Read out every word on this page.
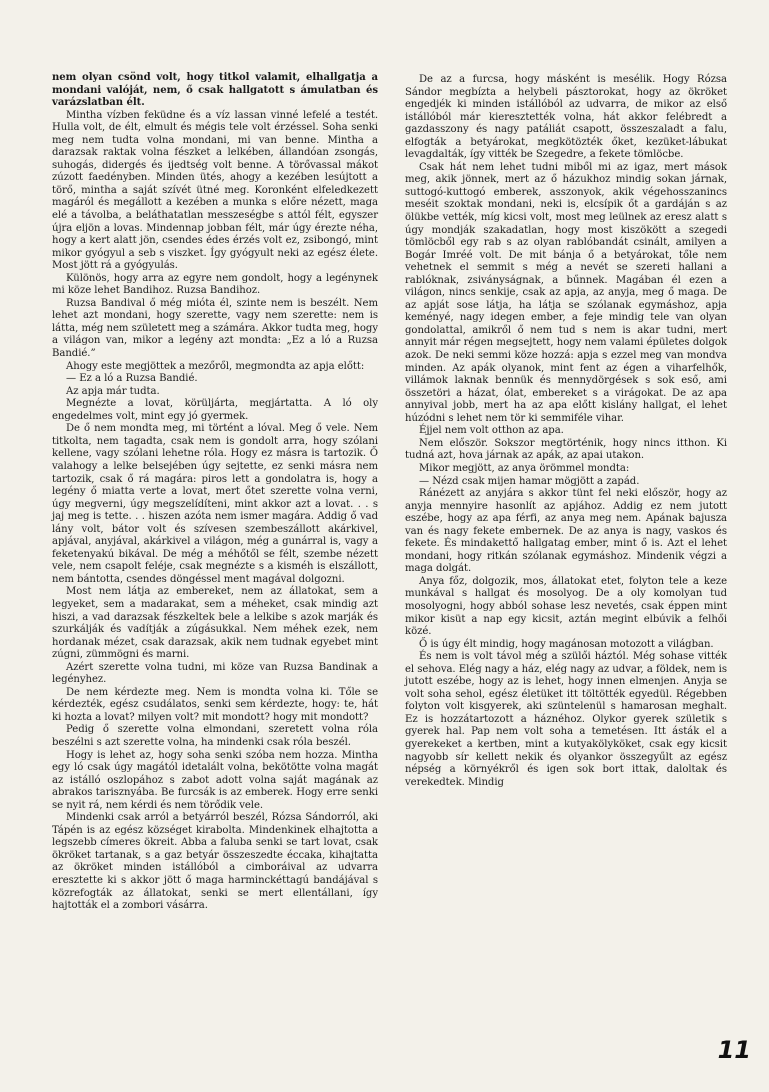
nem olyan csönd volt, hogy titkol valamit, elhallgatja a mondani valóját, nem, ő csak hallgatott s ámulatban és varázslatban élt.

Mintha vízben feküdne és a víz lassan vinné lefelé a testét. Hulla volt, de élt, elmult és mégis tele volt érzéssel. Soha senki meg nem tudta volna mondani, mi van benne. Mintha a darazsak raktak volna fészket a lelkében, állandóan zsongás, suhogás, didergés és ijedtség volt benne. A törővassal mákot zúzott faedényben. Minden ütés, ahogy a kezében lesújtott a törő, mintha a saját szívét ütné meg. Koronként elfeledkezett magáról és megállott a kezében a munka s előre nézett, maga elé a távolba, a beláthatatlan messzeségbe s attól félt, egyszer újra eljön a lovas. Mindennap jobban félt, már úgy érezte néha, hogy a kert alatt jön, csendes édes érzés volt ez, zsibongó, mint mikor gyógyul a seb s viszket. Így gyógyult neki az egész élete. Most jött rá a gyógyulás.

Különös, hogy arra az egyre nem gondolt, hogy a legénynek mi köze lehet Bandihoz. Ruzsa Bandihoz.

Ruzsa Bandival ő még mióta él, szinte nem is beszélt. Nem lehet azt mondani, hogy szerette, vagy nem szerette: nem is látta, még nem született meg a számára. Akkor tudta meg, hogy a világon van, mikor a legény azt mondta: „Ez a ló a Ruzsa Bandié.”

Ahogy este megjöttek a mezőről, megmondta az apja előtt:

— Ez a ló a Ruzsa Bandié.

Az apja már tudta.

Megnézte a lovat, körüljárta, megjártatta. A ló oly engedelmes volt, mint egy jó gyermek.

De ő nem mondta meg, mi történt a lóval. Meg ő vele. Nem titkolta, nem tagadta, csak nem is gondolt arra, hogy szólani kellene, vagy szólani lehetne róla. Hogy ez másra is tartozik. Ő valahogy a lelke belsejében úgy sejtette, ez senki másra nem tartozik, csak ő rá magára: piros lett a gondolatra is, hogy a legény ő miatta verte a lovat, mert őtet szerette volna verni, úgy megverni, úgy megszelídíteni, mint akkor azt a lovat. . . s jaj meg is tette. . . hiszen azóta nem ismer magára. Addig ő vad lány volt, bátor volt és szívesen szembeszállott akárkivel, apjával, anyjával, akárkivel a világon, még a gunárral is, vagy a feketenyakú bikával. De még a méhőtől se félt, szembe nézett vele, nem csapolt feléje, csak megnézte s a kisméh is elszállott, nem bántotta, csendes döngéssel ment magával dolgozni.

Most nem látja az embereket, nem az állatokat, sem a legyeket, sem a madarakat, sem a méheket, csak mindig azt hiszi, a vad darazsak fészkeltek bele a lelkibe s azok marják és szurkálják és vadítják a zúgásukkal. Nem méhek ezek, nem hordanak mézet, csak darazsak, akik nem tudnak egyebet mint zúgni, zümmögni és marni.

Azért szerette volna tudni, mi köze van Ruzsa Bandinak a legényhez.

De nem kérdezte meg. Nem is mondta volna ki. Tőle se kérdezték, egész csudálatos, senki sem kérdezte, hogy: te, hát ki hozta a lovat? milyen volt? mit mondott? hogy mit mondott?

Pedig ő szerette volna elmondani, szeretett volna róla beszélni s azt szerette volna, ha mindenki csak róla beszél.

Hogy is lehet az, hogy soha senki szóba nem hozza. Mintha egy ló csak úgy magától idetalált volna, bekötötte volna magát az istálló oszlopához s zabot adott volna saját magának az abrakos tarisznyába. Be furcsák is az emberek. Hogy erre senki se nyit rá, nem kérdi és nem törődik vele.

Mindenki csak arról a betyárról beszél, Rózsa Sándorról, aki Tápén is az egész községet kirabolta. Mindenkinek elhajtotta a legszebb címeres ökreit. Abba a faluba senki se tart lovat, csak ökröket tartanak, s a gaz betyár összeszedte éccaka, kihajtatta az ökröket minden istállóból a cimboráival az udvarra eresztette ki s akkor jött ő maga harminckéttagú bandájával s közrefogták az állatokat, senki se mert ellentállani, így hajtották el a zombori vásárra.

De az a furcsa, hogy másként is mesélik. Hogy Rózsa Sándor megbízta a helybeli pásztorokat, hogy az ökröket engedjék ki minden istállóból az udvarra, de mikor az első istállóból már kieresztették volna, hát akkor felébredt a gazdasszony és nagy patáliát csapott, összeszaladt a falu, elfogták a betyárokat, megkötözték őket, kezüket-lábukat levagdalták, így vitték be Szegedre, a fekete tömlöcbe.

Csak hát nem lehet tudni miből mi az igaz, mert mások meg, akik jönnek, mert az ő házukhoz mindig sokan járnak, suttogó-kuttogó emberek, asszonyok, akik végehosszanincs meséit szoktak mondani, neki is, elcsípik őt a gardáján s az ölükbe vették, míg kicsi volt, most meg leülnek az eresz alatt s úgy mondják szakadatlan, hogy most kiszökött a szegedi tömlöcből egy rab s az olyan rablóbandát csinált, amilyen a Bogár Imréé volt. De mit bánja ő a betyárokat, tőle nem vehetnek el semmit s még a nevét se szereti hallani a rablóknak, zsiványságnak, a bűnnek. Magában él ezen a világon, nincs senkije, csak az apja, az anyja, meg ő maga. De az apját sose látja, ha látja se szólanak egymáshoz, apja keményé, nagy idegen ember, a feje mindig tele van olyan gondolattal, amikről ő nem tud s nem is akar tudni, mert annyit már régen megsejtett, hogy nem valami épületes dolgok azok. De neki semmi köze hozzá: apja s ezzel meg van mondva minden. Az apák olyanok, mint fent az égen a viharfelhők, villámok laknak bennük és mennydörgések s sok eső, ami összetöri a házat, ólat, embereket s a virágokat. De az apa annyival jobb, mert ha az apa előtt kislány hallgat, el lehet húzódni s lehet nem tör ki semmiféle vihar.

Éjjel nem volt otthon az apa.

Nem először. Sokszor megtörténik, hogy nincs itthon. Ki tudná azt, hova járnak az apák, az apai utakon.

Mikor megjött, az anya örömmel mondta:

— Nézd csak mijen hamar mögjött a zapád.

Ránézett az anyjára s akkor tünt fel neki először, hogy az anyja mennyire hasonlít az apjához. Addig ez nem jutott eszébe, hogy az apa férfi, az anya meg nem. Apának bajusza van és nagy fekete embernek. De az anya is nagy, vaskos és fekete. És mindakettő hallgatag ember, mint ő is. Azt el lehet mondani, hogy ritkán szólanak egymáshoz. Mindenik végzi a maga dolgát.

Anya főz, dolgozik, mos, állatokat etet, folyton tele a keze munkával s hallgat és mosolyog. De a oly komolyan tud mosolyogni, hogy abból sohase lesz nevetés, csak éppen mint mikor kisüt a nap egy kicsit, aztán megint elbúvik a felhői közé.

Ő is úgy élt mindig, hogy magánosan motozott a világban.

És nem is volt távol még a szülői háztól. Még sohase vitték el sehova. Elég nagy a ház, elég nagy az udvar, a földek, nem is jutott eszébe, hogy az is lehet, hogy innen elmenjen. Anyja se volt soha sehol, egész életüket itt töltötték egyedül. Régebben folyton volt kisgyerek, aki szüntelenül s hamarosan meghalt. Ez is hozzátartozott a háznéhoz. Olykor gyerek születik s gyerek hal. Pap nem volt soha a temetésen. Itt ásták el a gyerekeket a kertben, mint a kutyakölyköket, csak egy kicsit nagyobb sír kellett nekik és olyankor összegyűlt az egész népség a környékről és igen sok bort ittak, daloltak és verekedtek. Mindig

11
